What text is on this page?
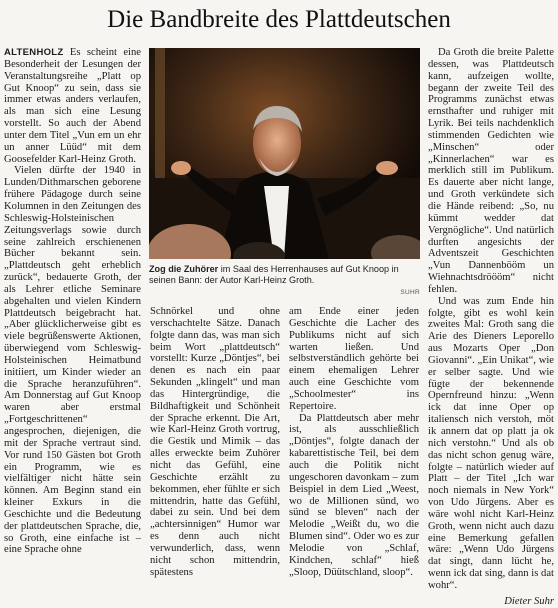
Die Bandbreite des Plattdeutschen

ALTENHOLZ Es scheint eine Besonderheit der Lesungen der Veranstaltungsreihe „Platt op Gut Knoop“ zu sein, dass sie immer etwas anders verlaufen, als man sich eine Lesung vorstellt. So auch der Abend unter dem Titel „Vun em un ehr un anner Lüüd“ mit dem Goosefelder Karl-Heinz Groth.

Vielen dürfte der 1940 in Lunden/Dithmarschen geborene frühere Pädagoge durch seine Kolumnen in den Zeitungen des Schleswig-Holsteinischen Zeitungsverlags sowie durch seine zahlreich erschienenen Bücher bekannt sein. „Plattdeutsch geht erheblich zurück“, bedauerte Groth, der als Lehrer etliche Seminare abgehalten und vielen Kindern Plattdeutsch beigebracht hat. „Aber glücklicherweise gibt es viele begrüßenswerte Aktionen, überwiegend vom Schleswig-Holsteinischen Heimatbund initiiert, um Kinder wieder an die Sprache heranzuführen“. Am Donnerstag auf Gut Knoop waren aber erstmal „Fortgeschrittenen“ angesprochen, diejenigen, die mit der Sprache vertraut sind. Vor rund 150 Gästen bot Groth ein Programm, wie es vielfältiger nicht hätte sein können. Am Beginn stand ein kleiner Exkurs in die Geschichte und die Bedeutung der plattdeutschen Sprache, die, so Groth, eine einfache ist – eine Sprache ohne

Zog die Zuhörer im Saal des Herrenhauses auf Gut Knoop in seinen Bann: der Autor Karl-Heinz Groth.
SUHR

Schnörkel und ohne verschachtelte Sätze. Danach folgte dann das, was man sich beim Wort „plattdeutsch“ vorstellt: Kurze „Döntjes“, bei denen es nach ein paar Sekunden „klingelt“ und man das Hintergründige, die Bildhaftigkeit und Schönheit der Sprache erkennt. Die Art, wie Karl-Heinz Groth vortrug, die Gestik und Mimik – das alles erweckte beim Zuhörer nicht das Gefühl, eine Geschichte erzählt zu bekommen, eher fühlte er sich mittendrin, hatte das Gefühl, dabei zu sein. Und bei dem „achtersinnigen“ Humor war es denn auch nicht verwunderlich, dass, wenn nicht schon mittendrin, spätestens

am Ende einer jeden Geschichte die Lacher des Publikums nicht auf sich warten ließen. Und selbstverständlich gehörte bei einem ehemaligen Lehrer auch eine Geschichte vom „Schoolmester“ ins Repertoire.

Da Plattdeutsch aber mehr ist, als ausschließlich „Döntjes“, folgte danach der kabarettistische Teil, bei dem auch die Politik nicht ungeschoren davonkam – zum Beispiel in dem Lied „Weest, wo de Millionen sünd, wo sünd se bleven“ nach der Melodie „Weißt du, wo die Blumen sind“. Oder wo es zur Melodie von „Schlaf, Kindchen, schlaf“ hieß „Sloop, Düütschland, sloop“.

Da Groth die breite Palette dessen, was Plattdeutsch kann, aufzeigen wollte, begann der zweite Teil des Programms zunächst etwas ernsthafter und ruhiger mit Lyrik. Bei teils nachdenklich stimmenden Gedichten wie „Minschen“ oder „Kinnerlachen“ war es merklich still im Publikum. Es dauerte aber nicht lange, und Groth verkündete sich die Hände reibend: „So, nu kümmt wedder dat Vergnögliche“. Und natürlich durften angesichts der Adventszeit Geschichten „Vun Dannenbööm un Wiehnachtsdröööm“ nicht fehlen.

Und was zum Ende hin folgte, gibt es wohl kein zweites Mal: Groth sang die Arie des Dieners Leporello aus Mozarts Oper „Don Giovanni“. „Ein Unikat“, wie er selber sagte. Und wie fügte der bekennende Opernfreund hinzu: „Wenn ick dat inne Oper op italiensch nich verstoh, möt ik annern dat op platt ja ok nich verstohn.“ Und als ob das nicht schon genug wäre, folgte – natürlich wieder auf Platt – der Titel „Ich war noch niemals in New York“ von Udo Jürgens. Aber es wäre wohl nicht Karl-Heinz Groth, wenn nicht auch dazu eine Bemerkung gefallen wäre: „Wenn Udo Jürgens dat singt, dann lücht he, wenn ick dat sing, dann is dat wohr“.

Dieter Suhr
